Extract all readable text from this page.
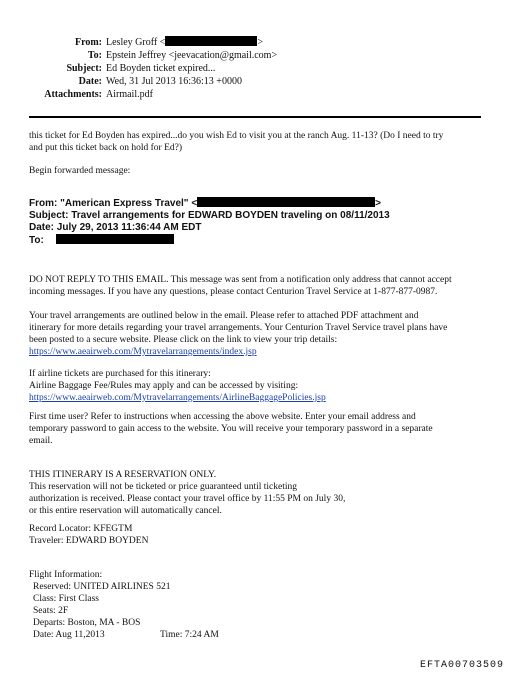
From: Lesley Groff <	>
To: Epstein Jeffrey <jeevacation@gmail.com>
Subject: Ed Boyden ticket expired...
Date: Wed, 31 Jul 2013 16:36:13 +0000
Attachments: Airmail.pdf
this ticket for Ed Boyden has expired...do you wish Ed to visit you at the ranch Aug. 11-13? (Do I need to try
and put this ticket back on hold for Ed?)
Begin forwarded message:
From: "American Express Travel" <	>
Subject: Travel arrangements for EDWARD BOYDEN traveling on 08/11/2013
Date: July 29, 2013 11:36:44 AM EDT
To:
DO NOT REPLY TO THIS EMAIL. This message was sent from a notification only address that cannot accept
incoming messages. If you have any questions, please contact Centurion Travel Service at 1-877-877-0987.
Your travel arrangements are outlined below in the email. Please refer to attached PDF attachment and
itinerary for more details regarding your travel arrangements. Your Centurion Travel Service travel plans have
been posted to a secure website. Please click on the link to view your trip details:
https://www.aeairweb.com/Mytravelarrangements/index.jsp
If airline tickets are purchased for this itinerary:
Airline Baggage Fee/Rules may apply and can be accessed by visiting:
https://www.aeairweb.com/Mytravelarrangements/AirlineBaggagePolicies.jsp
First time user? Refer to instructions when accessing the above website. Enter your email address and
temporary password to gain access to the website. You will receive your temporary password in a separate
email.
THIS ITINERARY IS A RESERVATION ONLY.
This reservation will not be ticketed or price guaranteed until ticketing
authorization is received. Please contact your travel office by 11:55 PM on July 30,
or this entire reservation will automatically cancel.
Record Locator: KFEGTM
Traveler: EDWARD BOYDEN
Flight Information:
Reserved: UNITED AIRLINES 521
Class: First Class
Seats: 2F
Departs: Boston, MA - BOS
Date: Aug 11,2013	Time: 7:24 AM
EFTA00703509
